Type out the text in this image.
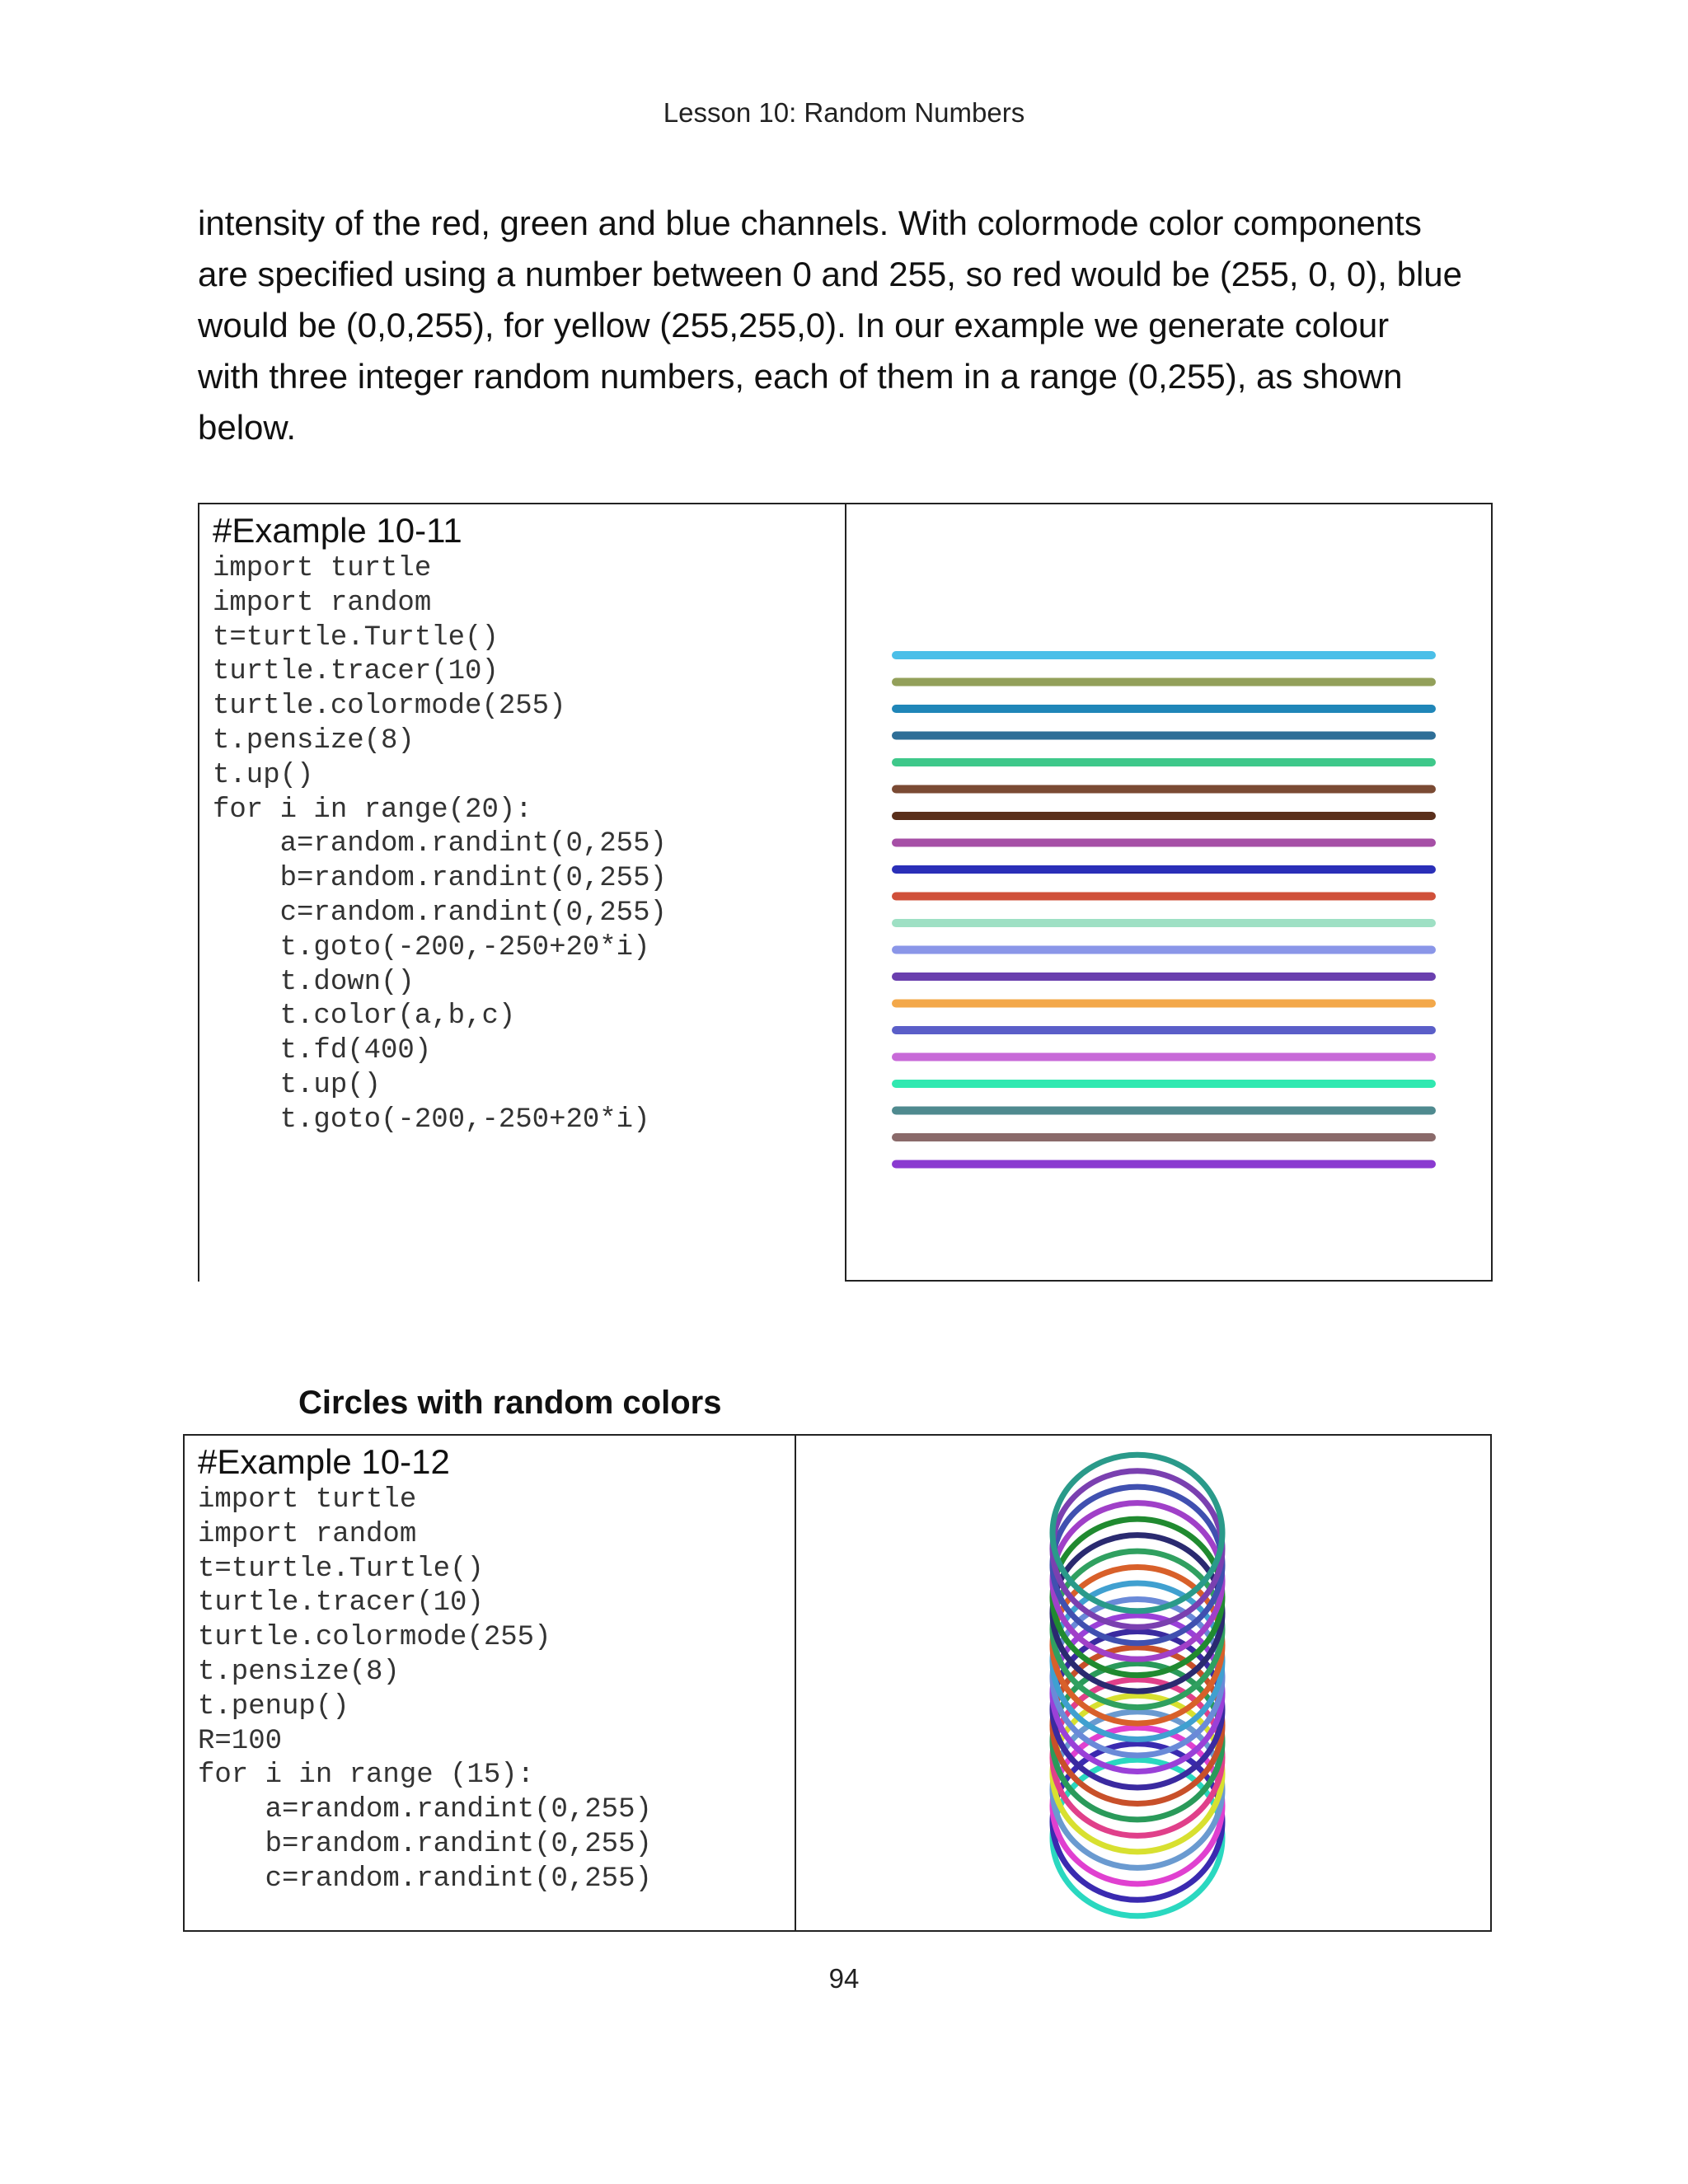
Lesson 10: Random Numbers
intensity of the red, green and blue channels. With colormode color components
are specified using a number between 0 and 255, so red would be (255, 0, 0), blue
would be (0,0,255), for yellow (255,255,0). In our example we generate colour
with three integer random numbers, each of them in a range (0,255), as shown
below.
#Example 10-11
import turtle
import random
t=turtle.Turtle()
turtle.tracer(10)
turtle.colormode(255)
t.pensize(8)
t.up()
for i in range(20):
a=random.randint(0,255)
b=random.randint(0,255)
c=random.randint(0,255)
t.goto(-200,-250+20*i)
t.down()
t.color(a,b,c)
t.fd(400)
t.up()
t.goto(-200,-250+20*i)
Circles with random colors
#Example 10-12
import turtle
import random
t=turtle.Turtle()
turtle.tracer(10)
turtle.colormode(255)
t.pensize(8)
t.penup()
R=100
for i in range (15):
a=random.randint(0,255)
b=random.randint(0,255)
c=random.randint(0,255)
94
